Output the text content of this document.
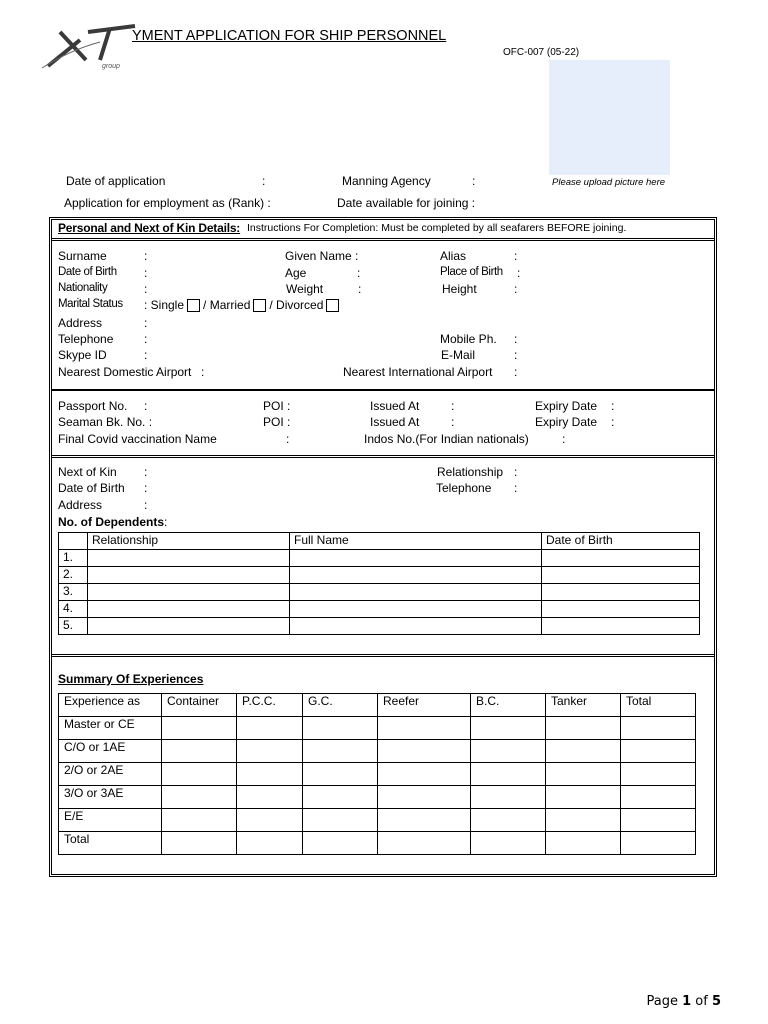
group
YMENT APPLICATION FOR SHIP PERSONNEL
OFC-007 (05-22)
Please upload picture here
Date of application	:	Manning Agency	:
Application for employment as (Rank) :	Date available for joining :
Personal and Next of Kin Details: Instructions For Completion: Must be completed by all seafarers BEFORE joining.
Surname	:	Given Name :	Alias	:
Date of Birth :	Age	:	Place of Birth :
Nationality	:	Weight	:	Height	:
Marital Status : Single / Married / Divorced
Address	:
Telephone	:	Mobile Ph. :
Skype ID	:	E-Mail	:
Nearest Domestic Airport :	Nearest International Airport :
Passport No. :	POI :	Issued At	:	Expiry Date :
Seaman Bk. No. :	POI :	Issued At	:	Expiry Date :
Final Covid vaccination Name	:	Indos No.(For Indian nationals)	:
Next of Kin :	Relationship :
Date of Birth :	Telephone :
Address	:
No. of Dependents:
	Relationship	Full Name	Date of Birth
1.			
2.			
3.			
4.			
5.			
Summary Of Experiences
Experience as	Container	P.C.C.	G.C.	Reefer	B.C.	Tanker	Total
Master or CE							
C/O or 1AE							
2/O or 2AE							
3/O or 3AE							
E/E							
Total							
Page 1 of 5
